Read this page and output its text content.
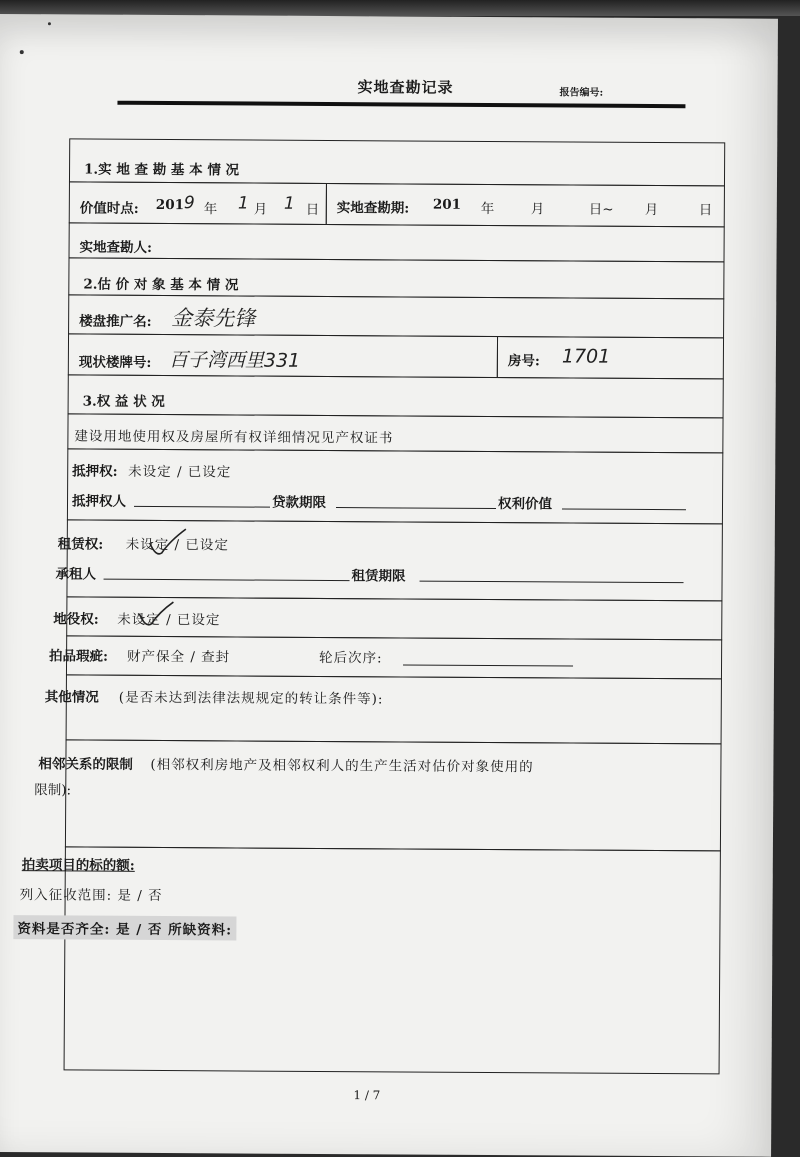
实地查勘记录	报告编号:
1.实 地 查 勘 基 本 情 况
价值时点: 201 9 年 1 月 1 日 实地查勘期: 201 年	月	日~ 月	日
实地查勘人:
2.估 价 对 象 基 本 情 况
楼盘推广名: 金泰先锋
现状楼牌号: 百子湾西里331	房号: 1701
3.权 益 状 况
建设用地使用权及房屋所有权详细情况见产权证书
抵押权: 未设定 / 已设定
抵押权人	贷款期限	权利价值
租赁权: 未设定 / 已设定
承租人	租赁期限
地役权: 未设定 / 已设定
拍品瑕疵: 财产保全 / 查封	轮后次序:
其他情况 (是否未达到法律法规规定的转让条件等):
相邻关系的限制 (相邻权利房地产及相邻权利人的生产生活对估价对象使用的
限制):
拍卖项目的标的额:
列入征收范围: 是 / 否
资料是否齐全: 是 / 否 所缺资料:
1 / 7
